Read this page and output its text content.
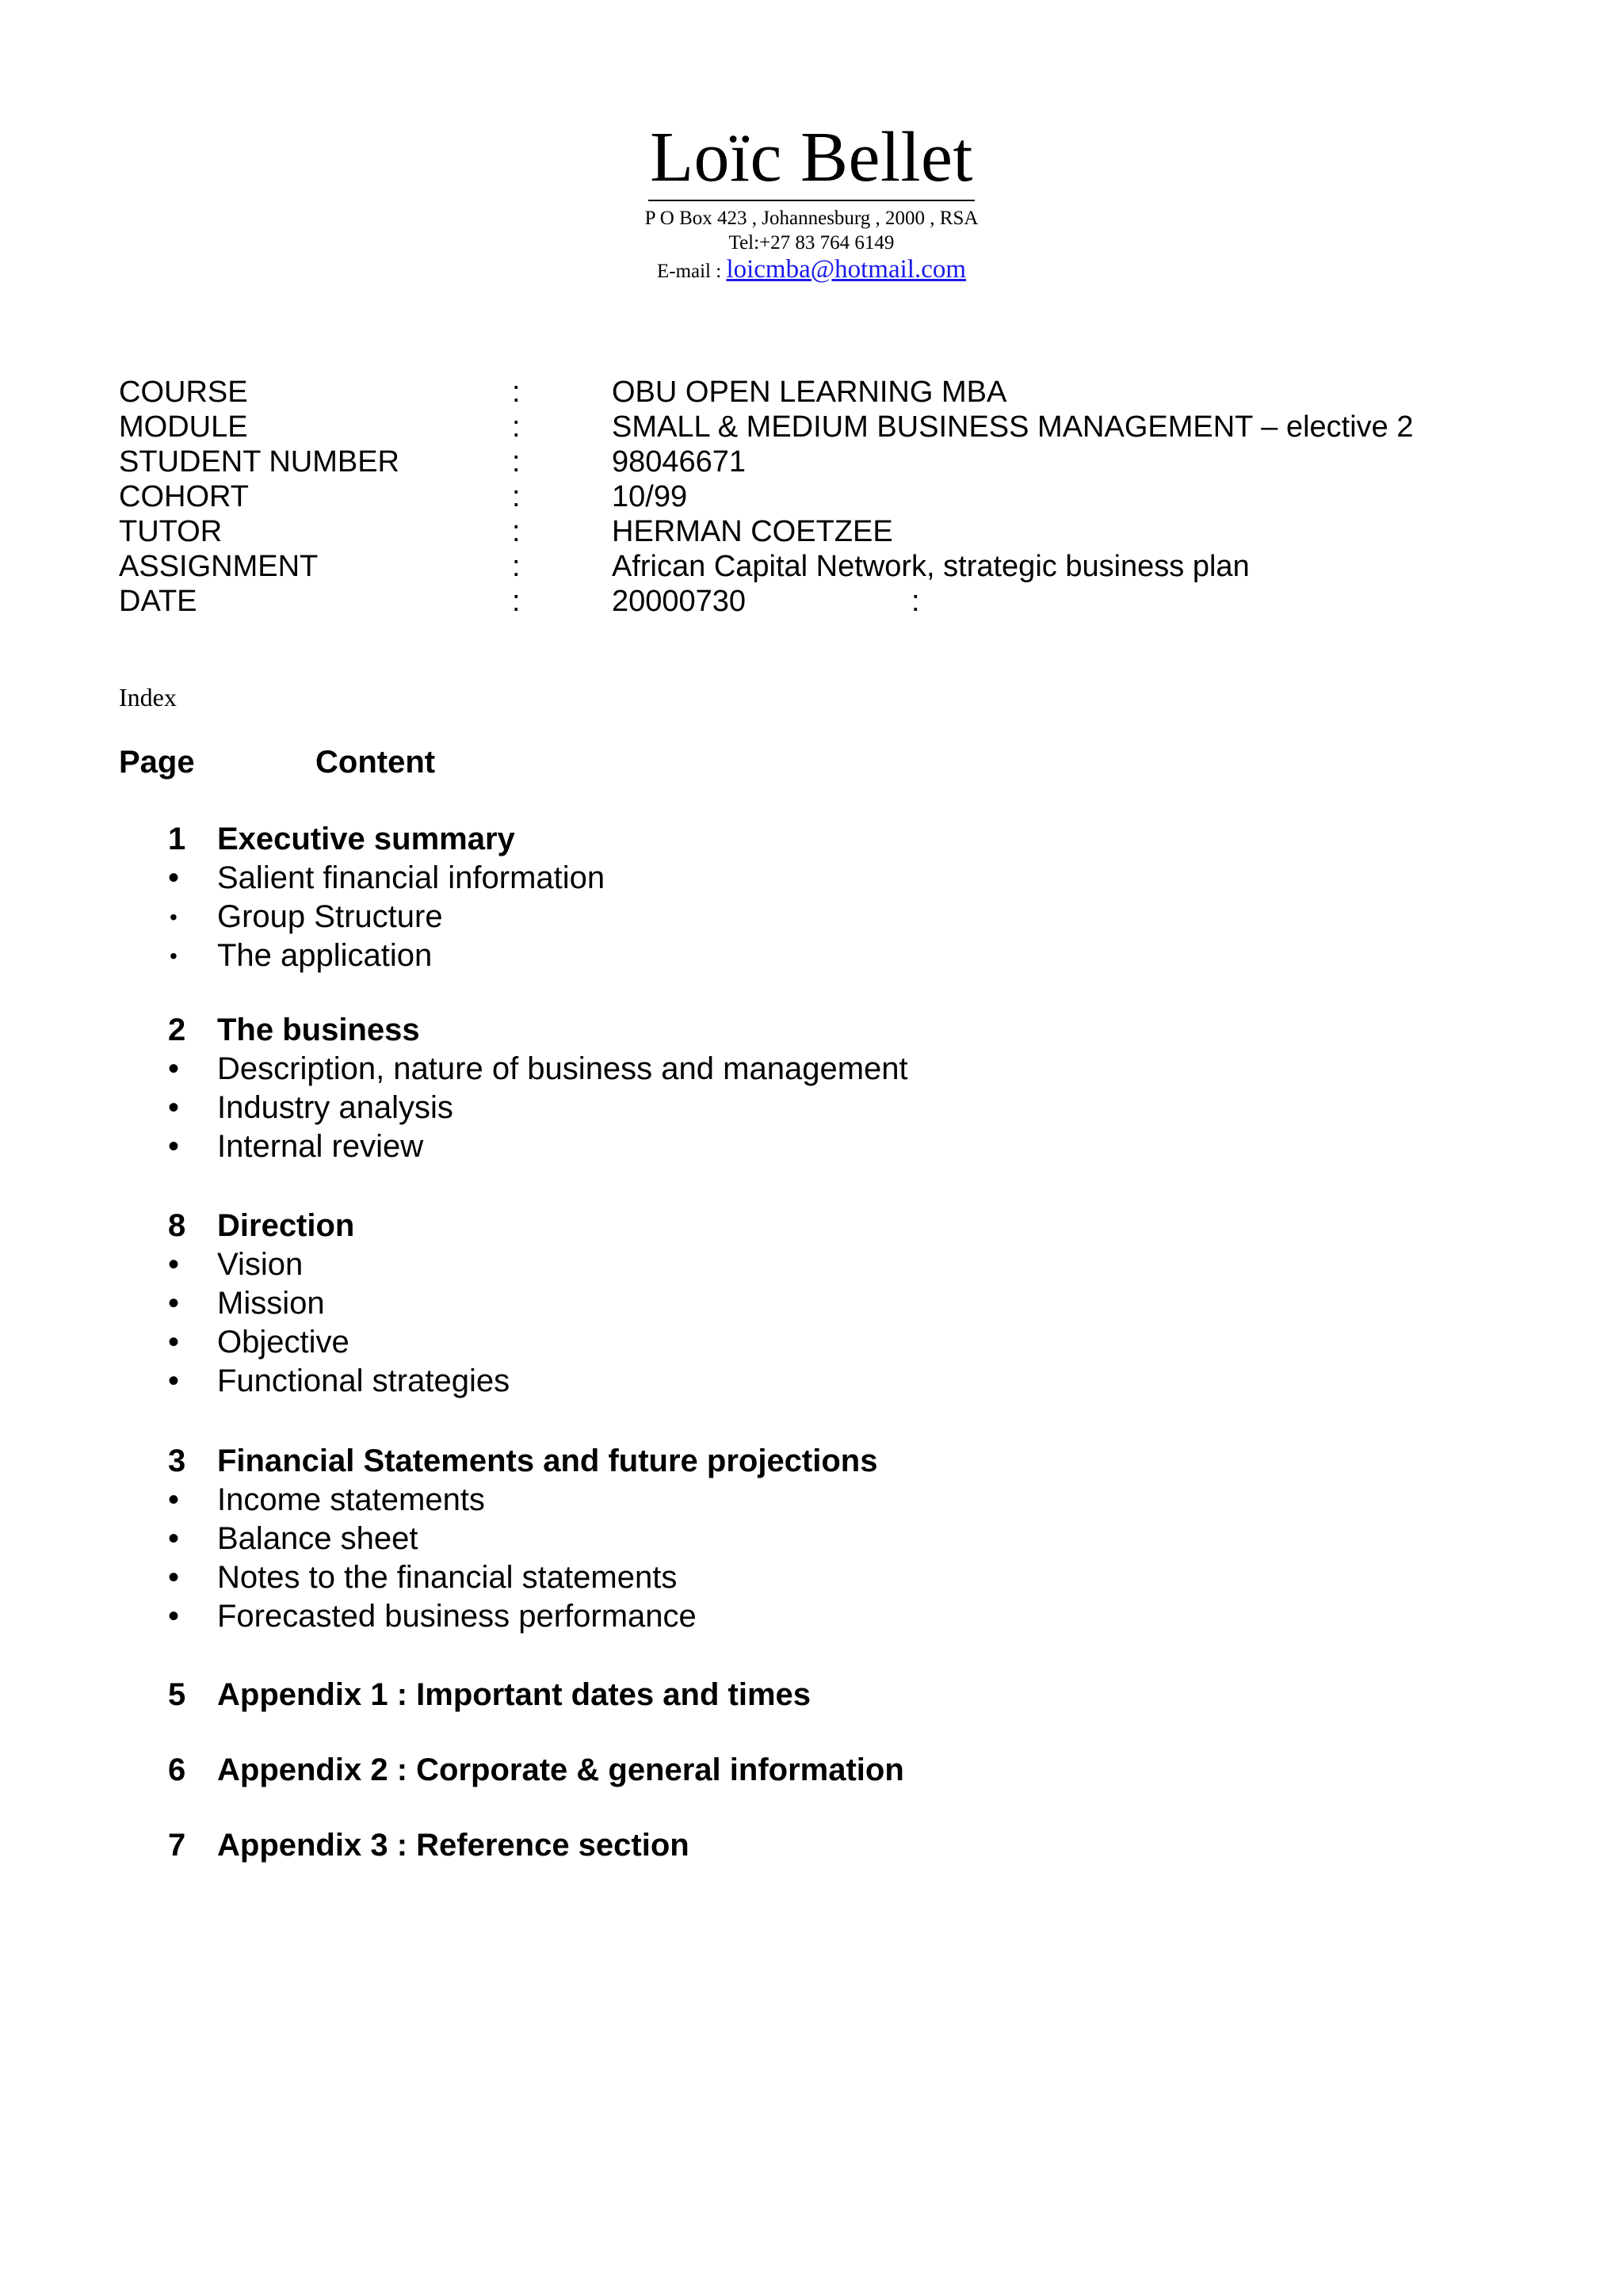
Loïc Bellet
P O Box 423 , Johannesburg , 2000 , RSA
Tel:+27 83 764 6149
E-mail : loicmba@hotmail.com
COURSE	:	OBU OPEN LEARNING MBA
MODULE	:	SMALL & MEDIUM BUSINESS MANAGEMENT – elective 2
STUDENT NUMBER	:	98046671
COHORT	:	10/99
TUTOR	:	HERMAN COETZEE
ASSIGNMENT	:	African Capital Network, strategic business plan
DATE	:	20000730	:
Index
Page	Content
1 Executive summary
• Salient financial information
• Group Structure
• The application
2 The business
• Description, nature of business and management
• Industry analysis
• Internal review
8 Direction
• Vision
• Mission
• Objective
• Functional strategies
3 Financial Statements and future projections
• Income statements
• Balance sheet
• Notes to the financial statements
• Forecasted business performance
5 Appendix 1 : Important dates and times
6 Appendix 2 : Corporate & general information
7 Appendix 3 : Reference section
